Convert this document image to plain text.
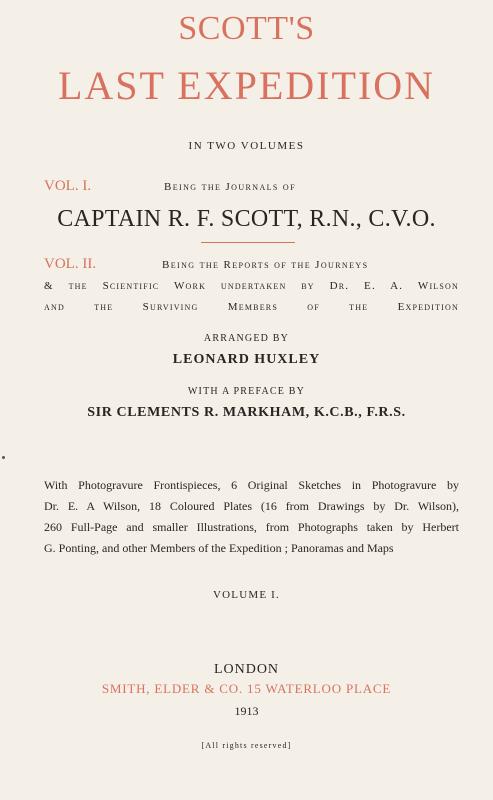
SCOTT'S
LAST EXPEDITION
IN TWO VOLUMES
VOL. I.	Being the Journals of
CAPTAIN R. F. SCOTT, R.N., C.V.O.
VOL. II.	Being the Reports of the Journeys
& the Scientific Work undertaken by Dr. E. A. Wilson
and the Surviving Members of the Expedition
ARRANGED BY
LEONARD HUXLEY
WITH A PREFACE BY
SIR CLEMENTS R. MARKHAM, K.C.B., F.R.S.
With Photogravure Frontispieces, 6 Original Sketches in Photogravure by
Dr. E. A Wilson, 18 Coloured Plates (16 from Drawings by Dr. Wilson),
260 Full-Page and smaller Illustrations, from Photographs taken by Herbert
G. Ponting, and other Members of the Expedition ; Panoramas and Maps
VOLUME I.
LONDON
SMITH, ELDER & CO. 15 WATERLOO PLACE
1913
[All rights reserved]
